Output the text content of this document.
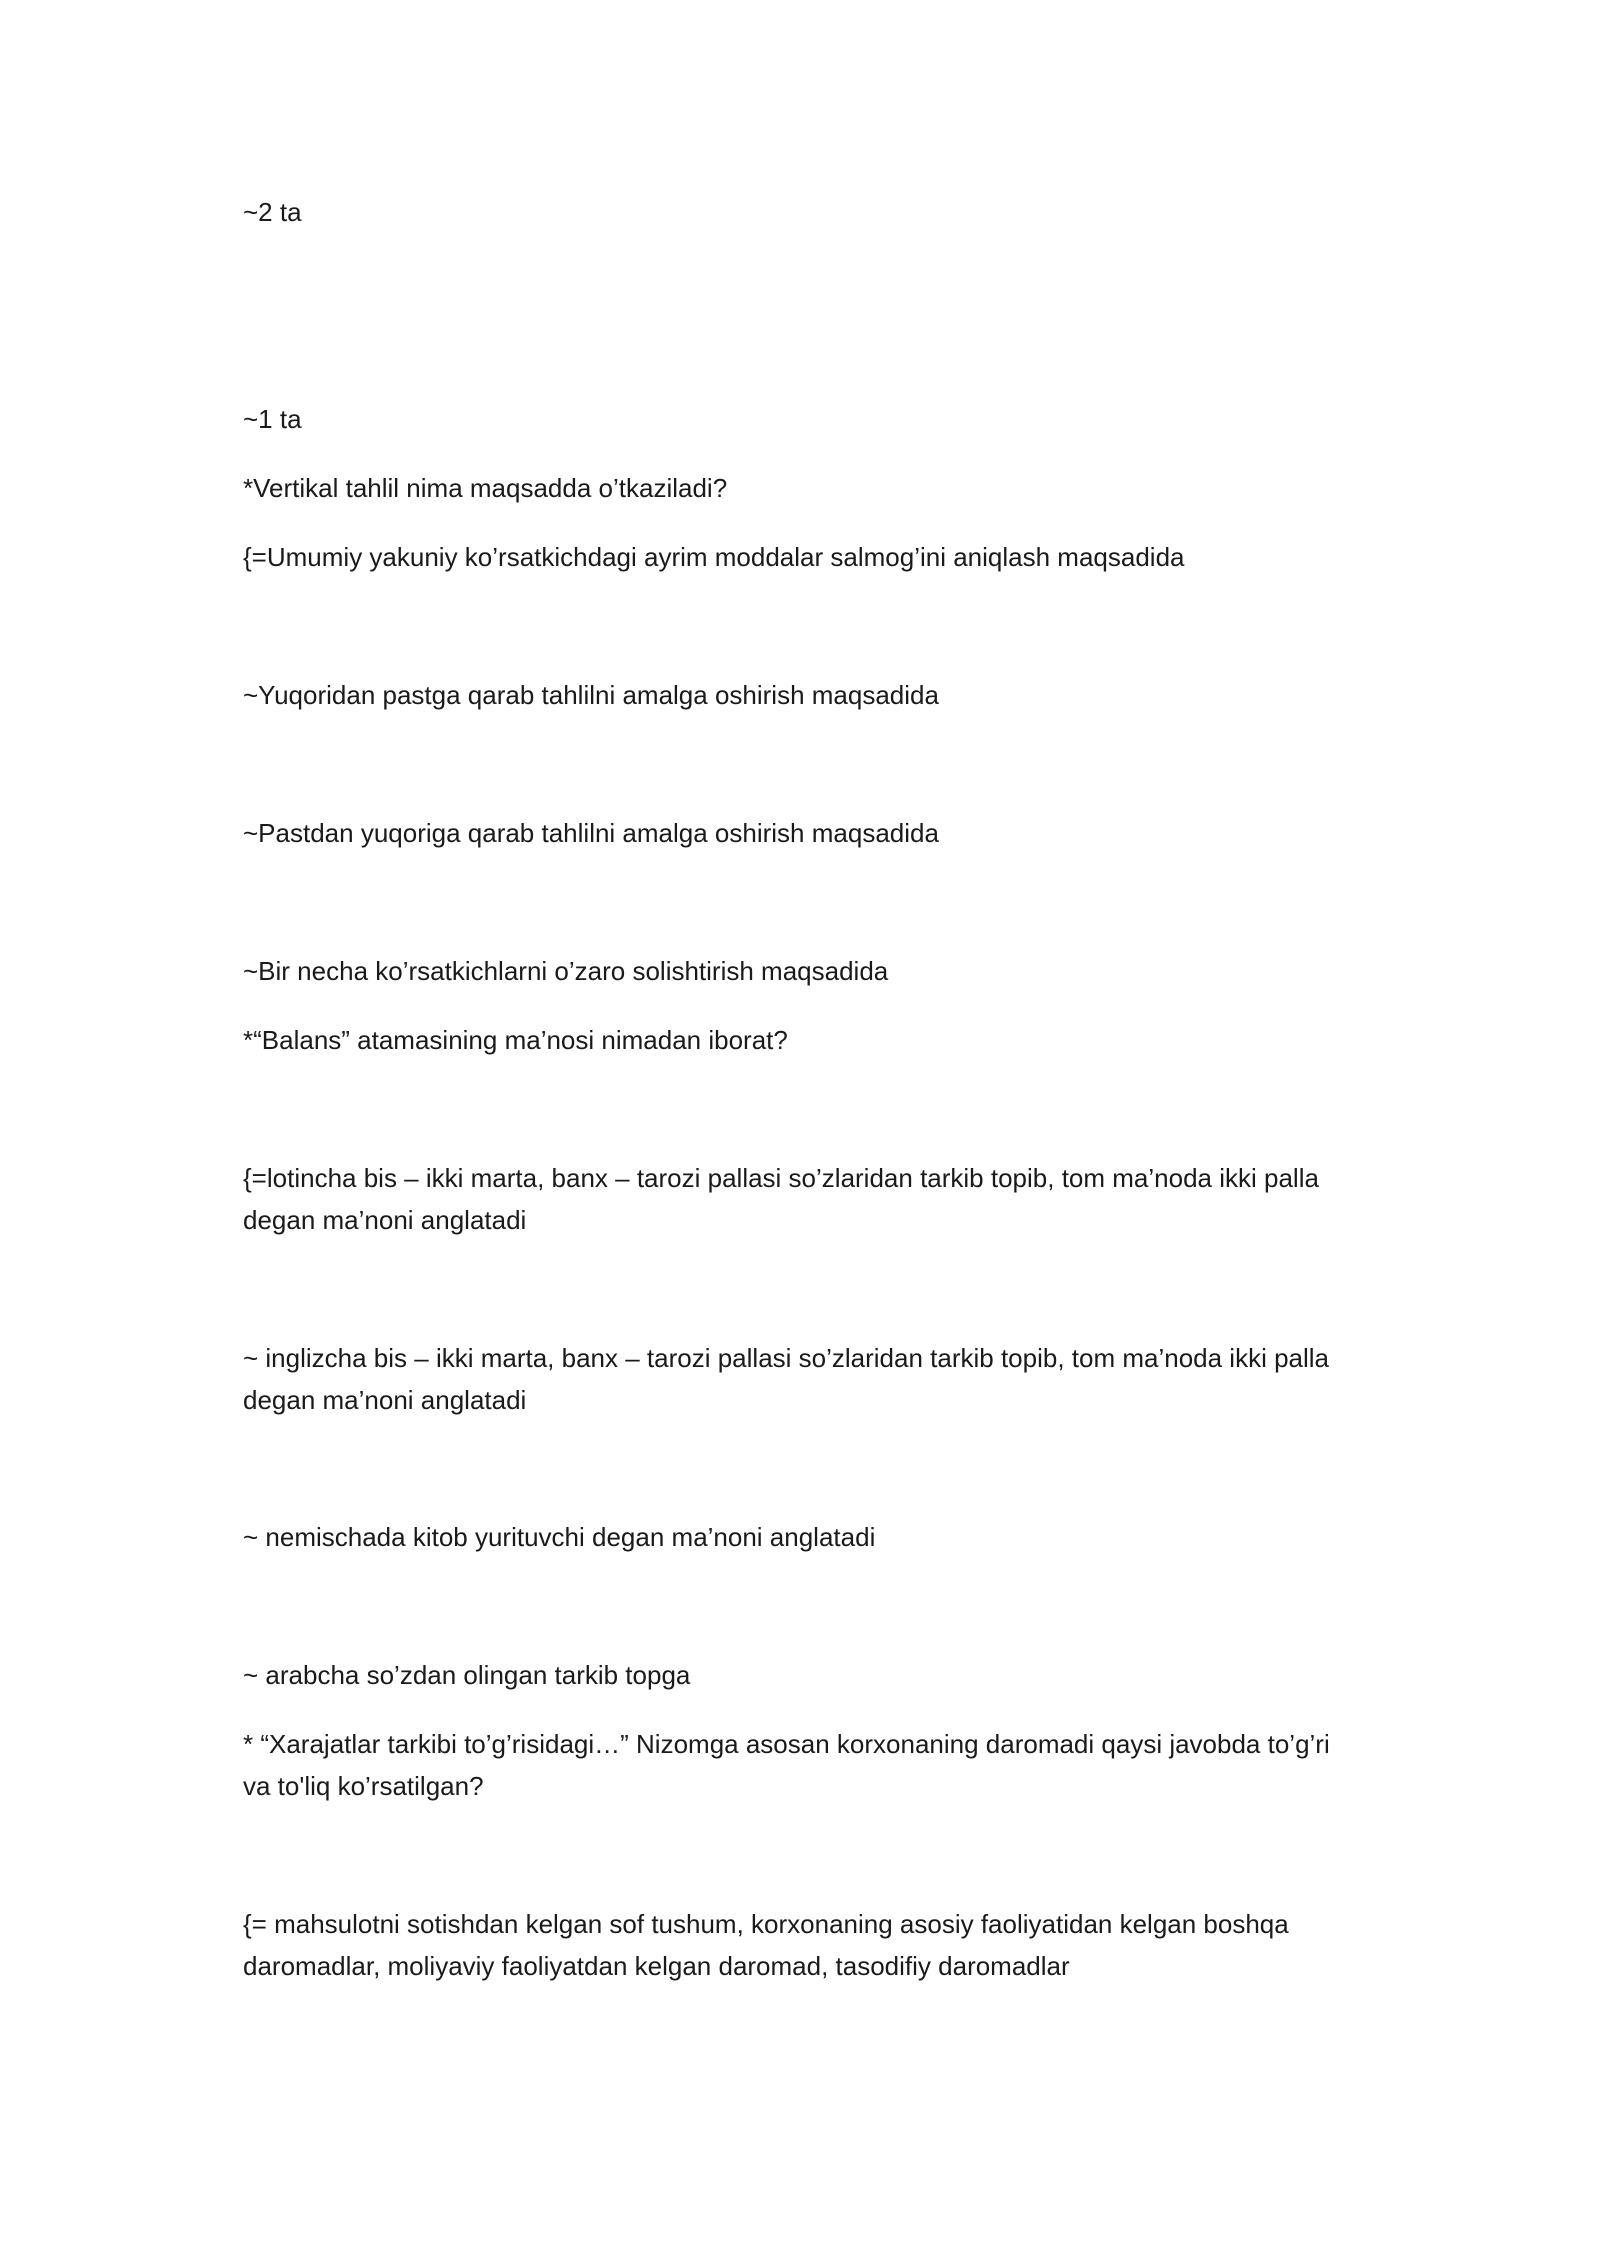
~2 ta

~1 ta

*Vertikal tahlil nima maqsadda o’tkaziladi?

{=Umumiy yakuniy ko’rsatkichdagi ayrim moddalar salmog’ini aniqlash maqsadida

~Yuqoridan pastga qarab tahlilni amalga oshirish maqsadida

~Pastdan yuqoriga qarab tahlilni amalga oshirish maqsadida

~Bir necha ko’rsatkichlarni o’zaro solishtirish maqsadida

*“Balans” atamasining ma’nosi nimadan iborat?

{=lotincha bis – ikki marta, banx – tarozi pallasi so’zlaridan tarkib topib, tom ma’noda ikki palla degan ma’noni anglatadi

~ inglizcha bis – ikki marta, banx – tarozi pallasi so’zlaridan tarkib topib, tom ma’noda ikki palla degan ma’noni anglatadi

~ nemischada kitob yurituvchi degan ma’noni anglatadi

~ arabcha so’zdan olingan tarkib topga

* “Xarajatlar tarkibi to’g’risidagi…” Nizomga asosan korxonaning daromadi qaysi javobda to’g’ri va to'liq ko’rsatilgan?

{= mahsulotni sotishdan kelgan sof tushum, korxonaning asosiy faoliyatidan kelgan boshqa daromadlar, moliyaviy faoliyatdan kelgan daromad, tasodifiy daromadlar
